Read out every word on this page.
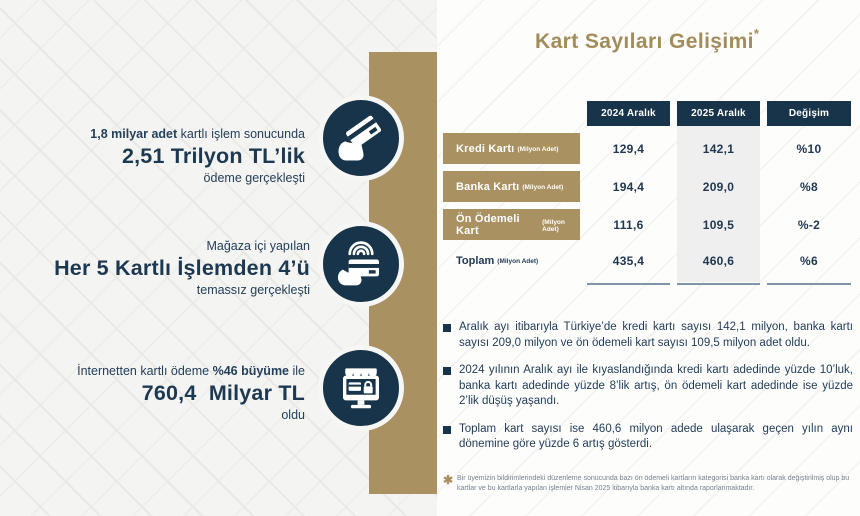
1,8 milyar adet kartlı işlem sonucunda
2,51 Trilyon TL’lik
ödeme gerçekleşti
Mağaza içi yapılan
Her 5 Kartlı İşlemden 4’ü
temassız gerçekleşti
İnternetten kartlı ödeme %46 büyüme ile
760,4  Milyar TL
oldu
Kart Sayıları Gelişimi*
2024 Aralık	2025 Aralık	Değişim
Kredi Kartı (Milyon Adet)	129,4	142,1	%10
Banka Kartı (Milyon Adet)	194,4	209,0	%8
Ön Ödemeli Kart
(Milyon Adet)	111,6	109,5	%-2
Toplam (Milyon Adet)	435,4	460,6	%6
Aralık ayı itibarıyla Türkiye’de kredi kartı sayısı 142,1 milyon, banka kartı sayısı 209,0 milyon ve ön ödemeli kart sayısı 109,5 milyon adet oldu.
2024 yılının Aralık ayı ile kıyaslandığında kredi kartı adedinde yüzde 10’luk, banka kartı adedinde yüzde 8’lik artış, ön ödemeli kart adedinde ise yüzde 2’lik düşüş yaşandı.
Toplam kart sayısı ise 460,6 milyon adede ulaşarak geçen yılın aynı dönemine göre yüzde 6 artış gösterdi.
✱ Bir üyemizin bildirimlerindeki düzenleme sonucunda bazı ön ödemeli kartların kategorisi banka kartı olarak değiştirilmiş olup bu kartlar ve bu kartlarla yapılan işlemler Nisan 2025 itibarıyla banka kartı altında raporlanmaktadır.
